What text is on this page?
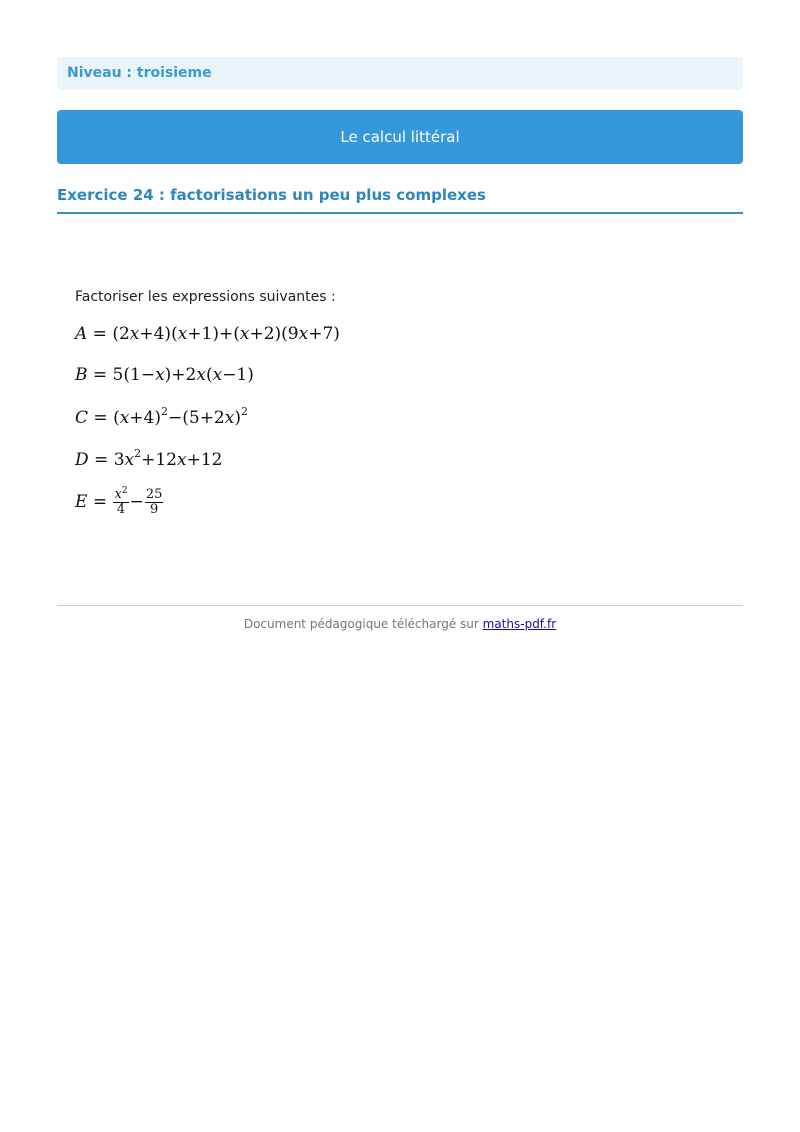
Niveau : troisieme
Le calcul littéral
Exercice 24 : factorisations un peu plus complexes
Factoriser les expressions suivantes :
A = (2x+4)(x+1)+(x+2)(9x+7)
B = 5(1−x)+2x(x−1)
$C = (x+4)^2-(5+2x)^2$
$D = 3x^2+12x+12$
$E = \frac{x^2}{4} - \frac{25}{9}$
Document pédagogique téléchargé sur maths-pdf.fr
